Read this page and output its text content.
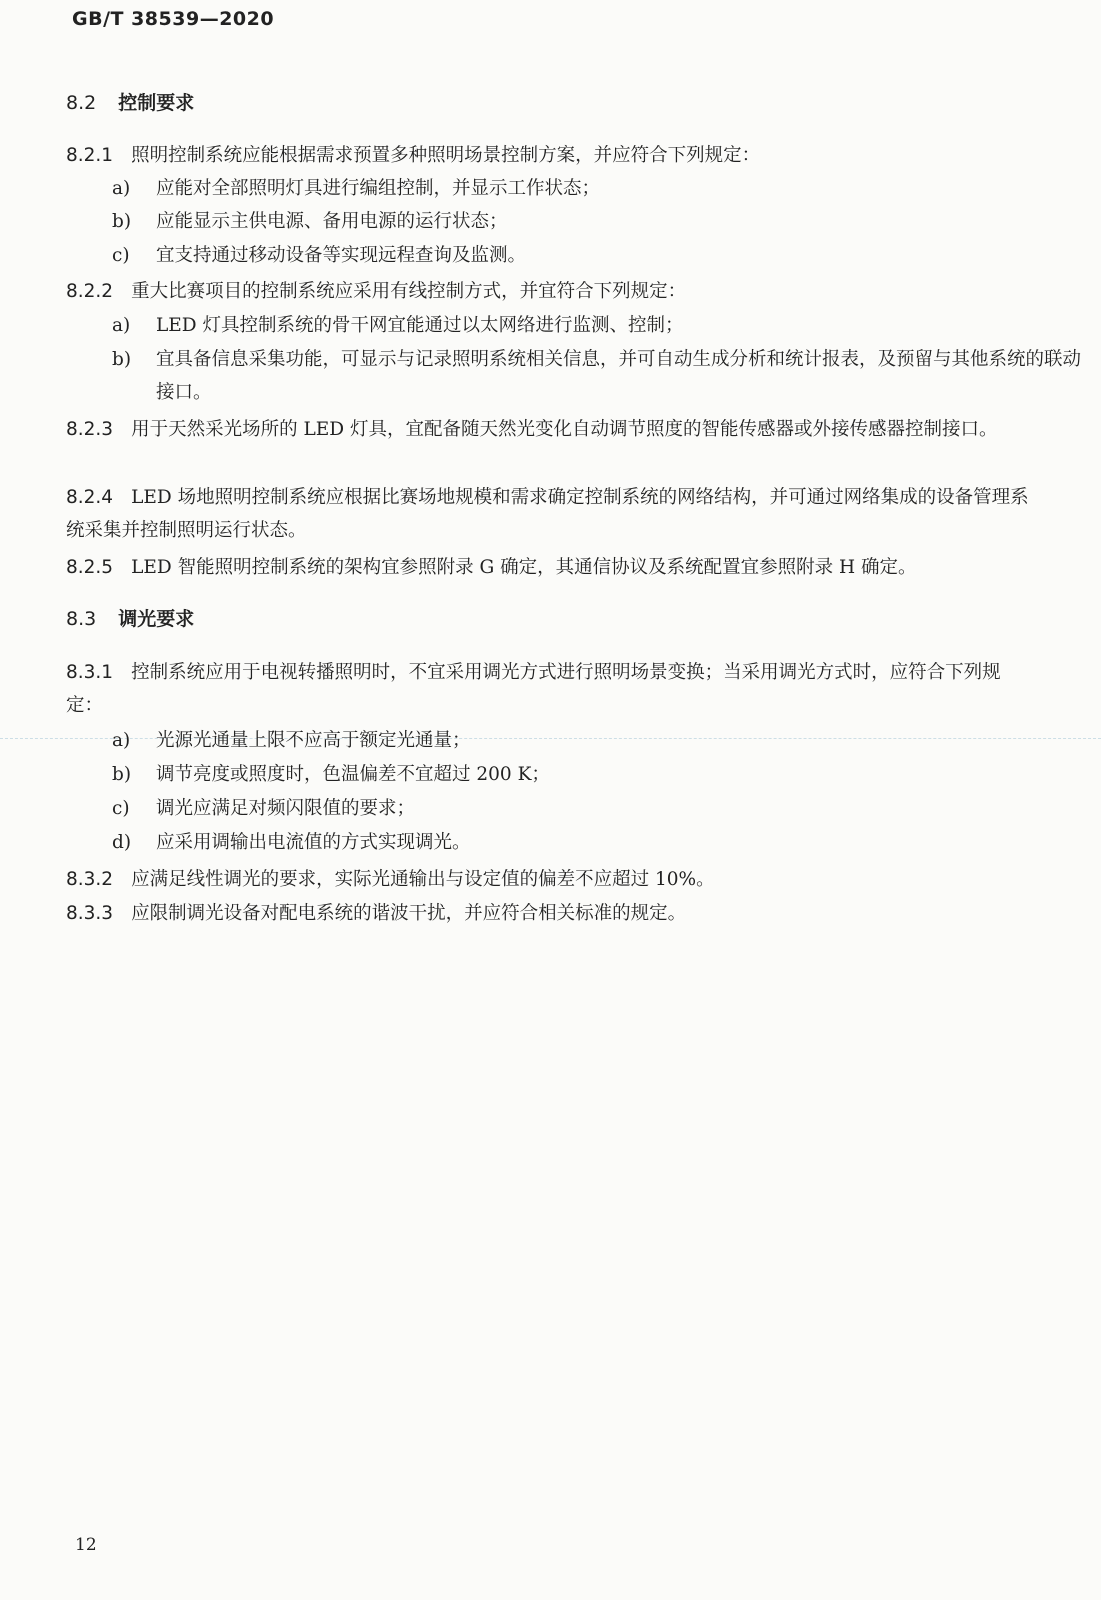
GB/T 38539—2020
8.2 控制要求
8.2.1 照明控制系统应能根据需求预置多种照明场景控制方案，并应符合下列规定：
a) 应能对全部照明灯具进行编组控制，并显示工作状态；
b) 应能显示主供电源、备用电源的运行状态；
c) 宜支持通过移动设备等实现远程查询及监测。
8.2.2 重大比赛项目的控制系统应采用有线控制方式，并宜符合下列规定：
a) LED 灯具控制系统的骨干网宜能通过以太网络进行监测、控制；
b) 宜具备信息采集功能，可显示与记录照明系统相关信息，并可自动生成分析和统计报表，及预留与其他系统的联动接口。
8.2.3 用于天然采光场所的 LED 灯具，宜配备随天然光变化自动调节照度的智能传感器或外接传感器控制接口。
8.2.4 LED 场地照明控制系统应根据比赛场地规模和需求确定控制系统的网络结构，并可通过网络集成的设备管理系统采集并控制照明运行状态。
8.2.5 LED 智能照明控制系统的架构宜参照附录 G 确定，其通信协议及系统配置宜参照附录 H 确定。
8.3 调光要求
8.3.1 控制系统应用于电视转播照明时，不宜采用调光方式进行照明场景变换；当采用调光方式时，应符合下列规定：
a) 光源光通量上限不应高于额定光通量；
b) 调节亮度或照度时，色温偏差不宜超过 200 K；
c) 调光应满足对频闪限值的要求；
d) 应采用调输出电流值的方式实现调光。
8.3.2 应满足线性调光的要求，实际光通输出与设定值的偏差不应超过 10%。
8.3.3 应限制调光设备对配电系统的谐波干扰，并应符合相关标准的规定。
12
